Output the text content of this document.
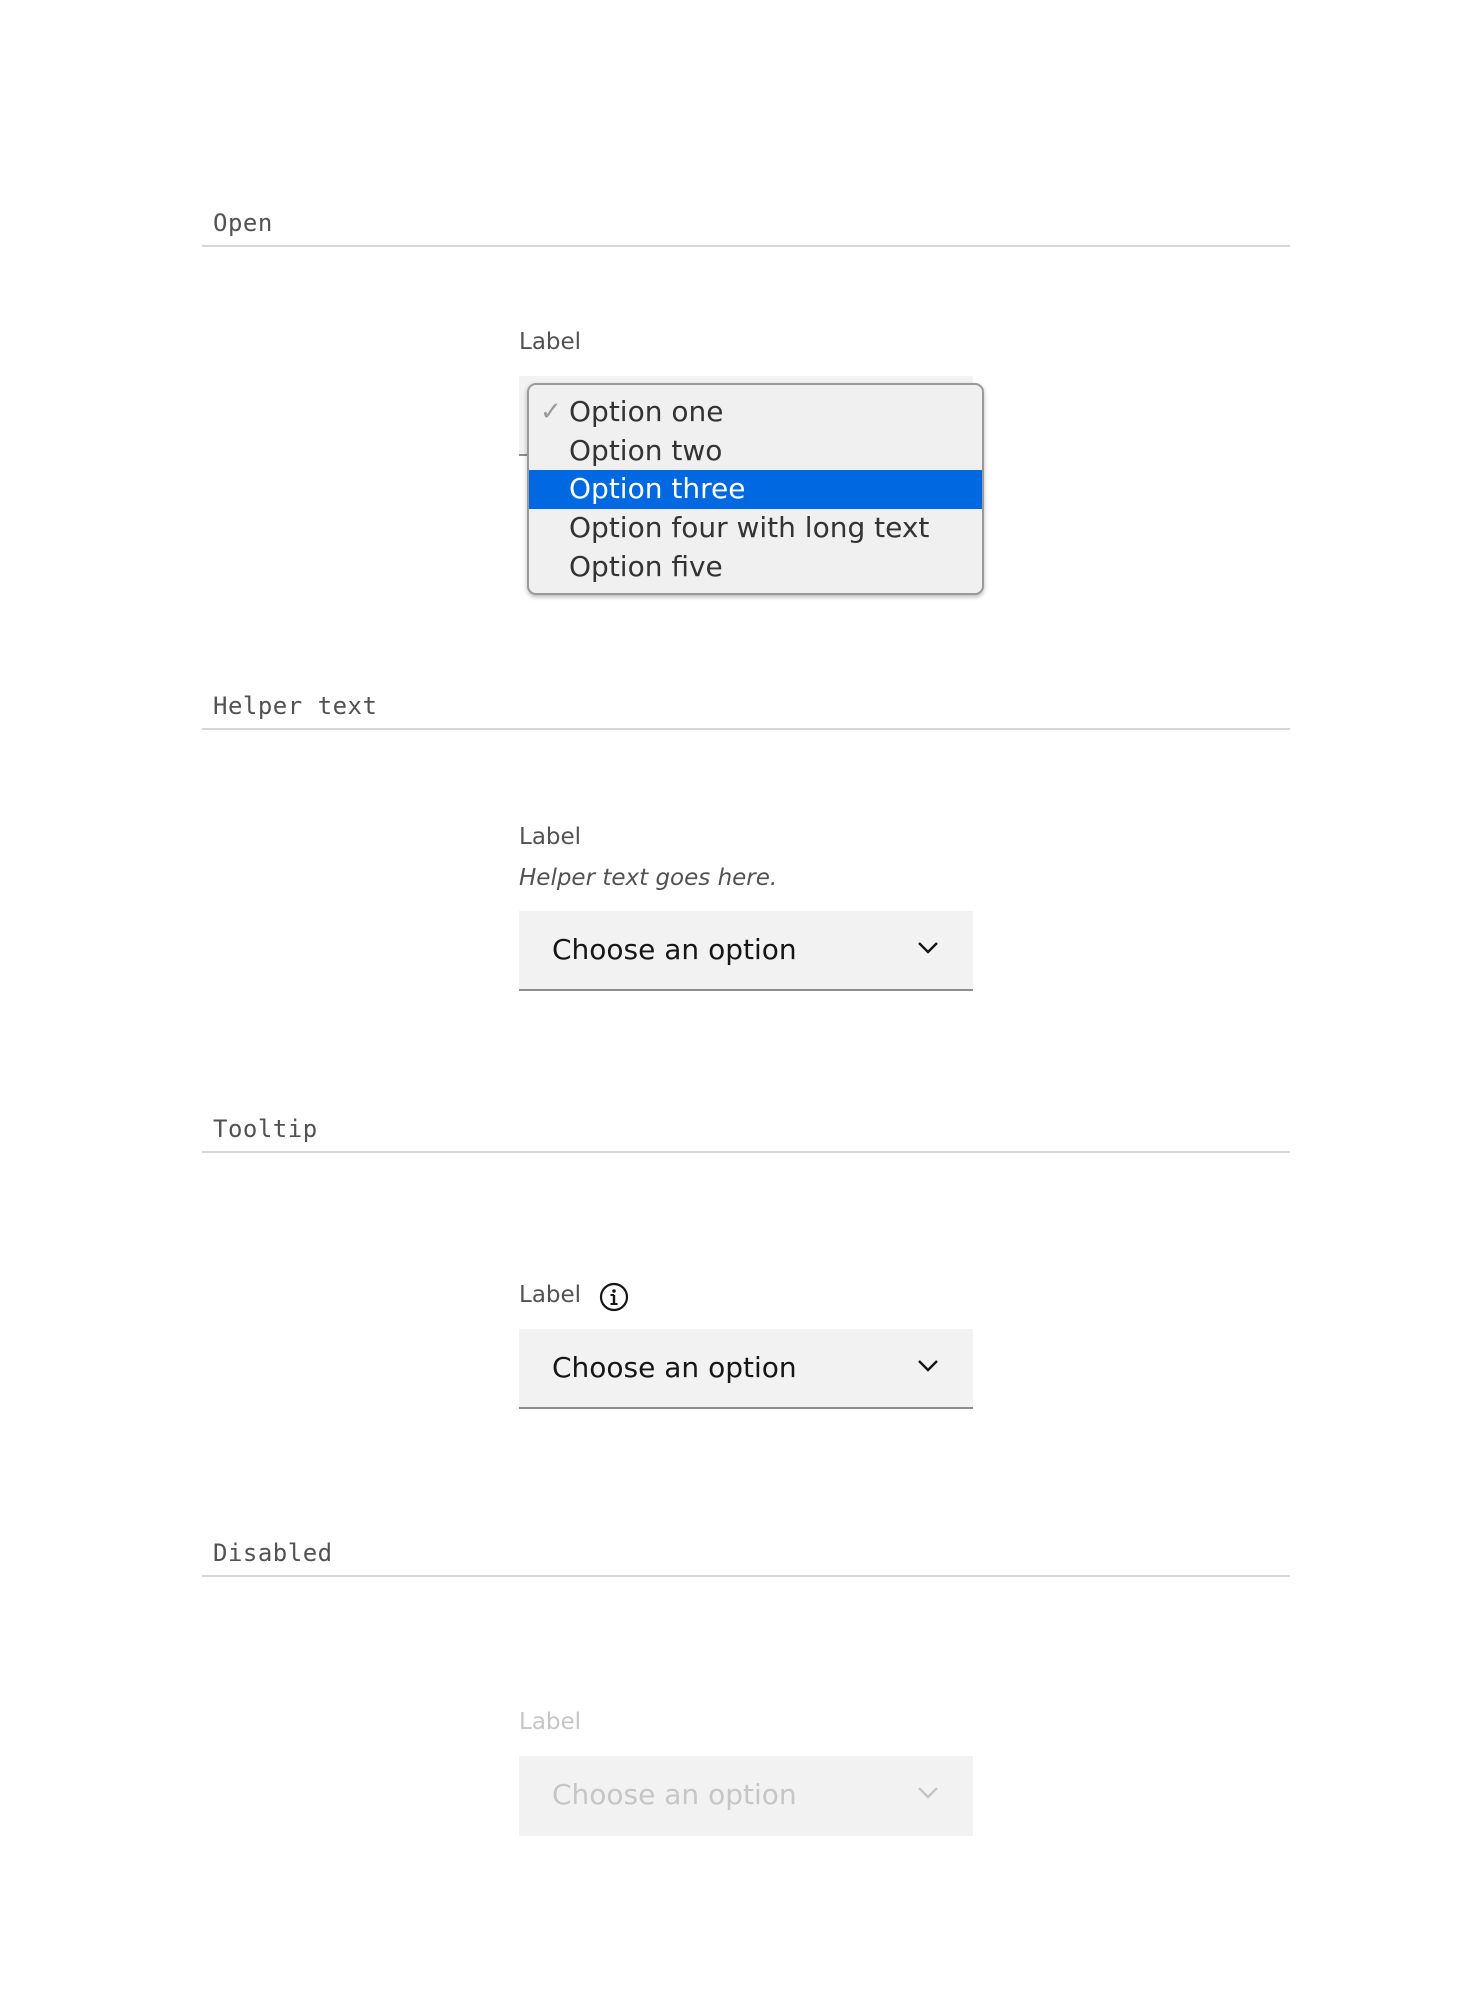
Open
Label
✓ Option one
Option two
Option three
Option four with long text
Option five
Helper text
Label
Helper text goes here.
Choose an option
Tooltip
Label
Choose an option
Disabled
Label
Choose an option
